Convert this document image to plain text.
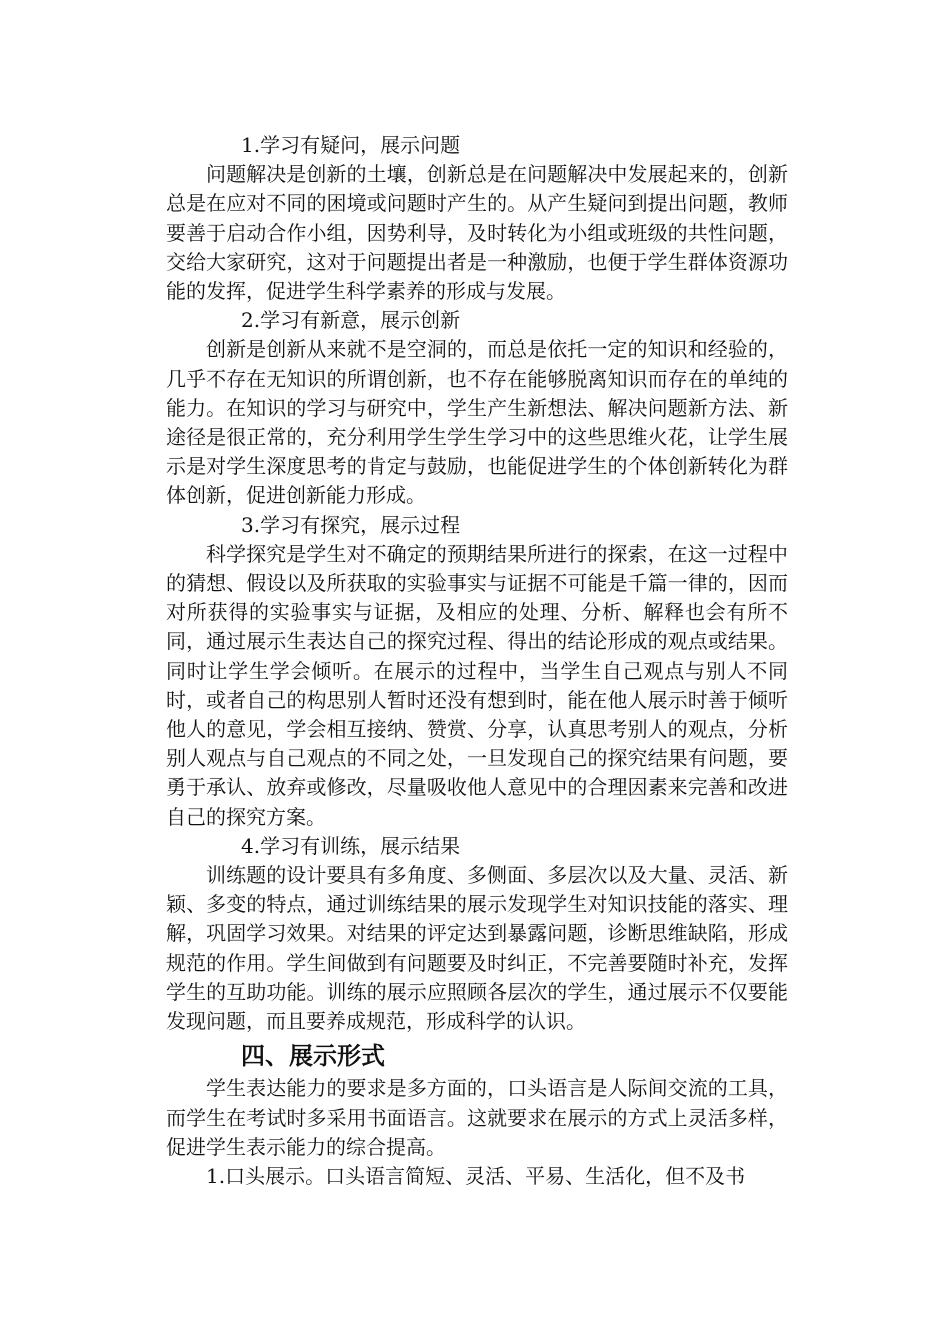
1.学习有疑问，展示问题

问题解决是创新的土壤，创新总是在问题解决中发展起来的，创新总是在应对不同的困境或问题时产生的。从产生疑问到提出问题，教师要善于启动合作小组，因势利导，及时转化为小组或班级的共性问题，交给大家研究，这对于问题提出者是一种激励，也便于学生群体资源功能的发挥，促进学生科学素养的形成与发展。

2.学习有新意，展示创新

创新是创新从来就不是空洞的，而总是依托一定的知识和经验的，几乎不存在无知识的所谓创新，也不存在能够脱离知识而存在的单纯的能力。在知识的学习与研究中，学生产生新想法、解决问题新方法、新途径是很正常的，充分利用学生学生学习中的这些思维火花，让学生展示是对学生深度思考的肯定与鼓励，也能促进学生的个体创新转化为群体创新，促进创新能力形成。

3.学习有探究，展示过程

科学探究是学生对不确定的预期结果所进行的探索，在这一过程中的猜想、假设以及所获取的实验事实与证据不可能是千篇一律的，因而对所获得的实验事实与证据，及相应的处理、分析、解释也会有所不同，通过展示生表达自己的探究过程、得出的结论形成的观点或结果。同时让学生学会倾听。在展示的过程中，当学生自己观点与别人不同时，或者自己的构思别人暂时还没有想到时，能在他人展示时善于倾听他人的意见，学会相互接纳、赞赏、分享，认真思考别人的观点，分析别人观点与自己观点的不同之处，一旦发现自己的探究结果有问题，要勇于承认、放弃或修改，尽量吸收他人意见中的合理因素来完善和改进自己的探究方案。

4.学习有训练，展示结果

训练题的设计要具有多角度、多侧面、多层次以及大量、灵活、新颖、多变的特点，通过训练结果的展示发现学生对知识技能的落实、理解，巩固学习效果。对结果的评定达到暴露问题，诊断思维缺陷，形成规范的作用。学生间做到有问题要及时纠正，不完善要随时补充，发挥学生的互助功能。训练的展示应照顾各层次的学生，通过展示不仅要能发现问题，而且要养成规范，形成科学的认识。

四、展示形式

学生表达能力的要求是多方面的，口头语言是人际间交流的工具，而学生在考试时多采用书面语言。这就要求在展示的方式上灵活多样，促进学生表示能力的综合提高。

1.口头展示。口头语言简短、灵活、平易、生活化，但不及书
